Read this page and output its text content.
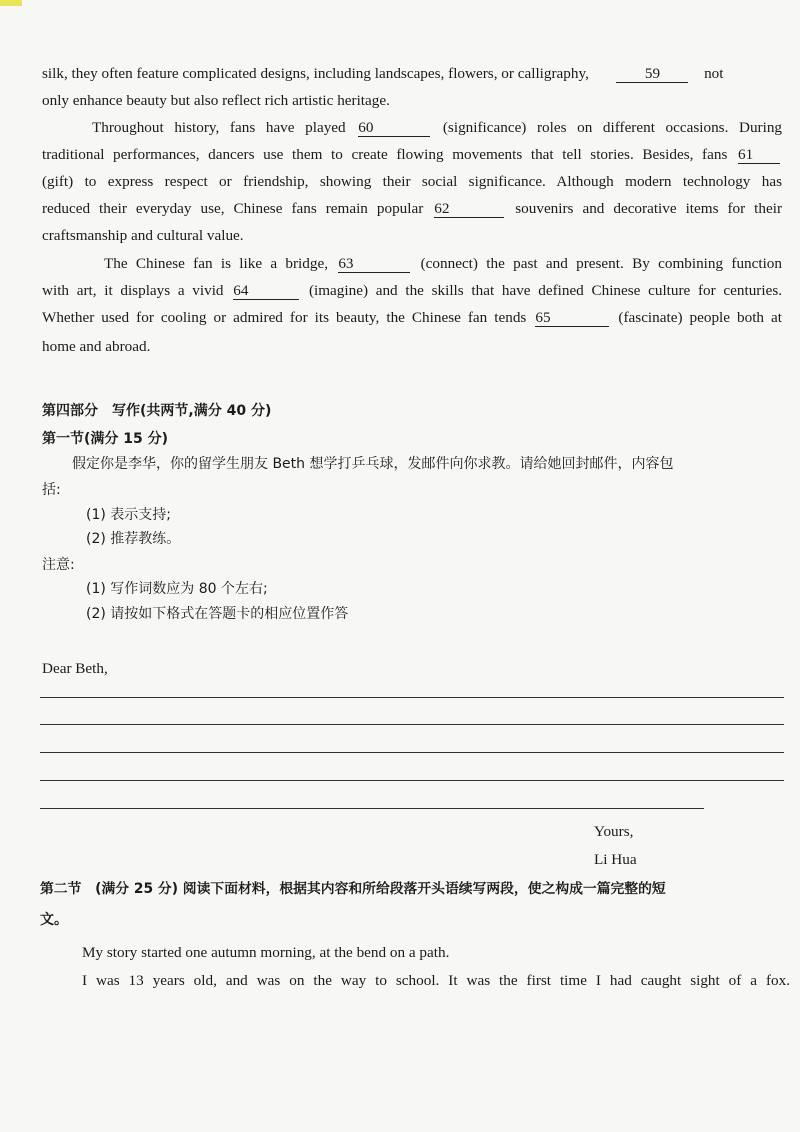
silk, they often feature complicated designs, including landscapes, flowers, or calligraphy,	59	not
only enhance beauty but also reflect rich artistic heritage.
Throughout history, fans have played 60	(significance) roles on different occasions. During
traditional performances, dancers use them to create flowing movements that tell stories. Besides, fans 61
(gift) to express respect or friendship, showing their social significance. Although modern technology has
reduced their everyday use, Chinese fans remain popular 62	souvenirs and decorative items for their
craftsmanship and cultural value.
The Chinese fan is like a bridge, 63	(connect) the past and present. By combining function
with art, it displays a vivid 64	(imagine) and the skills that have defined Chinese culture for centuries.
Whether used for cooling or admired for its beauty, the Chinese fan tends 65	(fascinate) people both at
home and abroad.
第四部分　写作(共两节,满分 40 分)
第一节(满分 15 分)
假定你是李华，你的留学生朋友 Beth 想学打乒乓球，发邮件向你求教。请给她回封邮件，内容包
括:
(1) 表示支持;
(2) 推荐教练。
注意:
(1) 写作词数应为 80 个左右;
(2) 请按如下格式在答题卡的相应位置作答
Dear Beth,
Yours,
Li Hua
第二节　(满分 25 分) 阅读下面材料，根据其内容和所给段落开头语续写两段，使之构成一篇完整的短
文。
My story started one autumn morning, at the bend on a path.
I was 13 years old, and was on the way to school. It was the first time I had caught sight of a fox.
